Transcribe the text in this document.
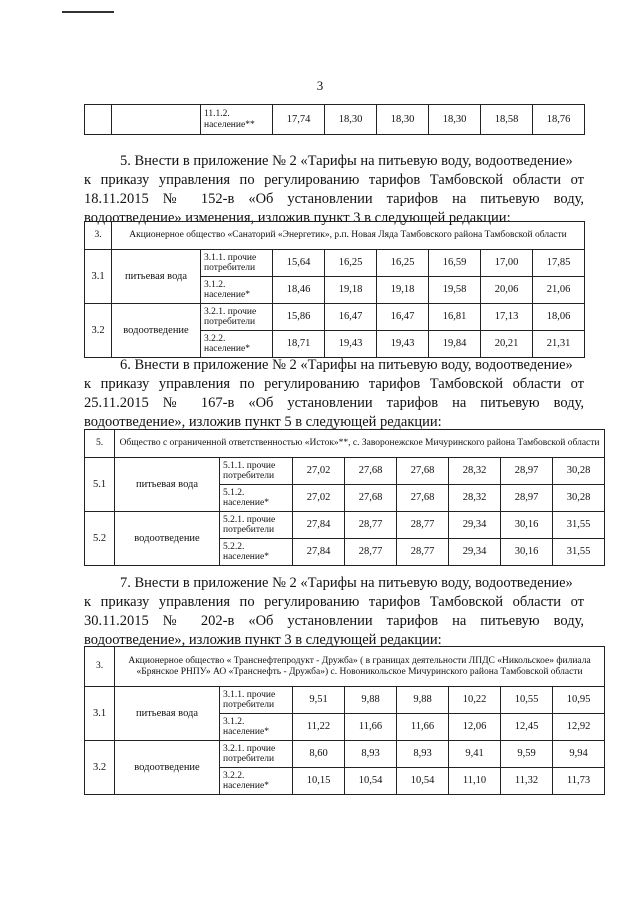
3
		11.1.2. население**	17,74	18,30	18,30	18,30	18,58	18,76
5. Внести в приложение № 2 «Тарифы на питьевую воду, водоотведение»
к приказу управления по регулированию тарифов Тамбовской области от
18.11.2015 № 152-в «Об установлении тарифов на питьевую воду,
водоотведение» изменения, изложив пункт 3 в следующей редакции:
3.	Акционерное общество «Санаторий «Энергетик», р.п. Новая Ляда Тамбовского района Тамбовской области							
3.1	питьевая вода	3.1.1. прочие потребители	15,64	16,25	16,25	16,59	17,00	17,85
		3.1.2. население*	18,46	19,18	19,18	19,58	20,06	21,06
3.2	водоотведение	3.2.1. прочие потребители	15,86	16,47	16,47	16,81	17,13	18,06
		3.2.2. население*	18,71	19,43	19,43	19,84	20,21	21,31
6. Внести в приложение № 2 «Тарифы на питьевую воду, водоотведение»
к приказу управления по регулированию тарифов Тамбовской области от
25.11.2015 № 167-в «Об установлении тарифов на питьевую воду,
водоотведение», изложив пункт 5 в следующей редакции:
5.	Общество с ограниченной ответственностью «Исток»**, с. Заворонежское Мичуринского района Тамбовской области							
5.1	питьевая вода	5.1.1. прочие потребители	27,02	27,68	27,68	28,32	28,97	30,28
		5.1.2. население*	27,02	27,68	27,68	28,32	28,97	30,28
5.2	водоотведение	5.2.1. прочие потребители	27,84	28,77	28,77	29,34	30,16	31,55
		5.2.2. население*	27,84	28,77	28,77	29,34	30,16	31,55
7. Внести в приложение № 2 «Тарифы на питьевую воду, водоотведение»
к приказу управления по регулированию тарифов Тамбовской области от
30.11.2015 № 202-в «Об установлении тарифов на питьевую воду,
водоотведение», изложив пункт 3 в следующей редакции:
3.	Акционерное общество « Транснефтепродукт - Дружба» ( в границах деятельности ЛПДС «Никольское» филиала «Брянское РНПУ» АО «Транснефть - Дружба») с. Новоникольское Мичуринского района Тамбовской области							
3.1	питьевая вода	3.1.1. прочие потребители	9,51	9,88	9,88	10,22	10,55	10,95
		3.1.2. население*	11,22	11,66	11,66	12,06	12,45	12,92
3.2	водоотведение	3.2.1. прочие потребители	8,60	8,93	8,93	9,41	9,59	9,94
		3.2.2. население*	10,15	10,54	10,54	11,10	11,32	11,73
